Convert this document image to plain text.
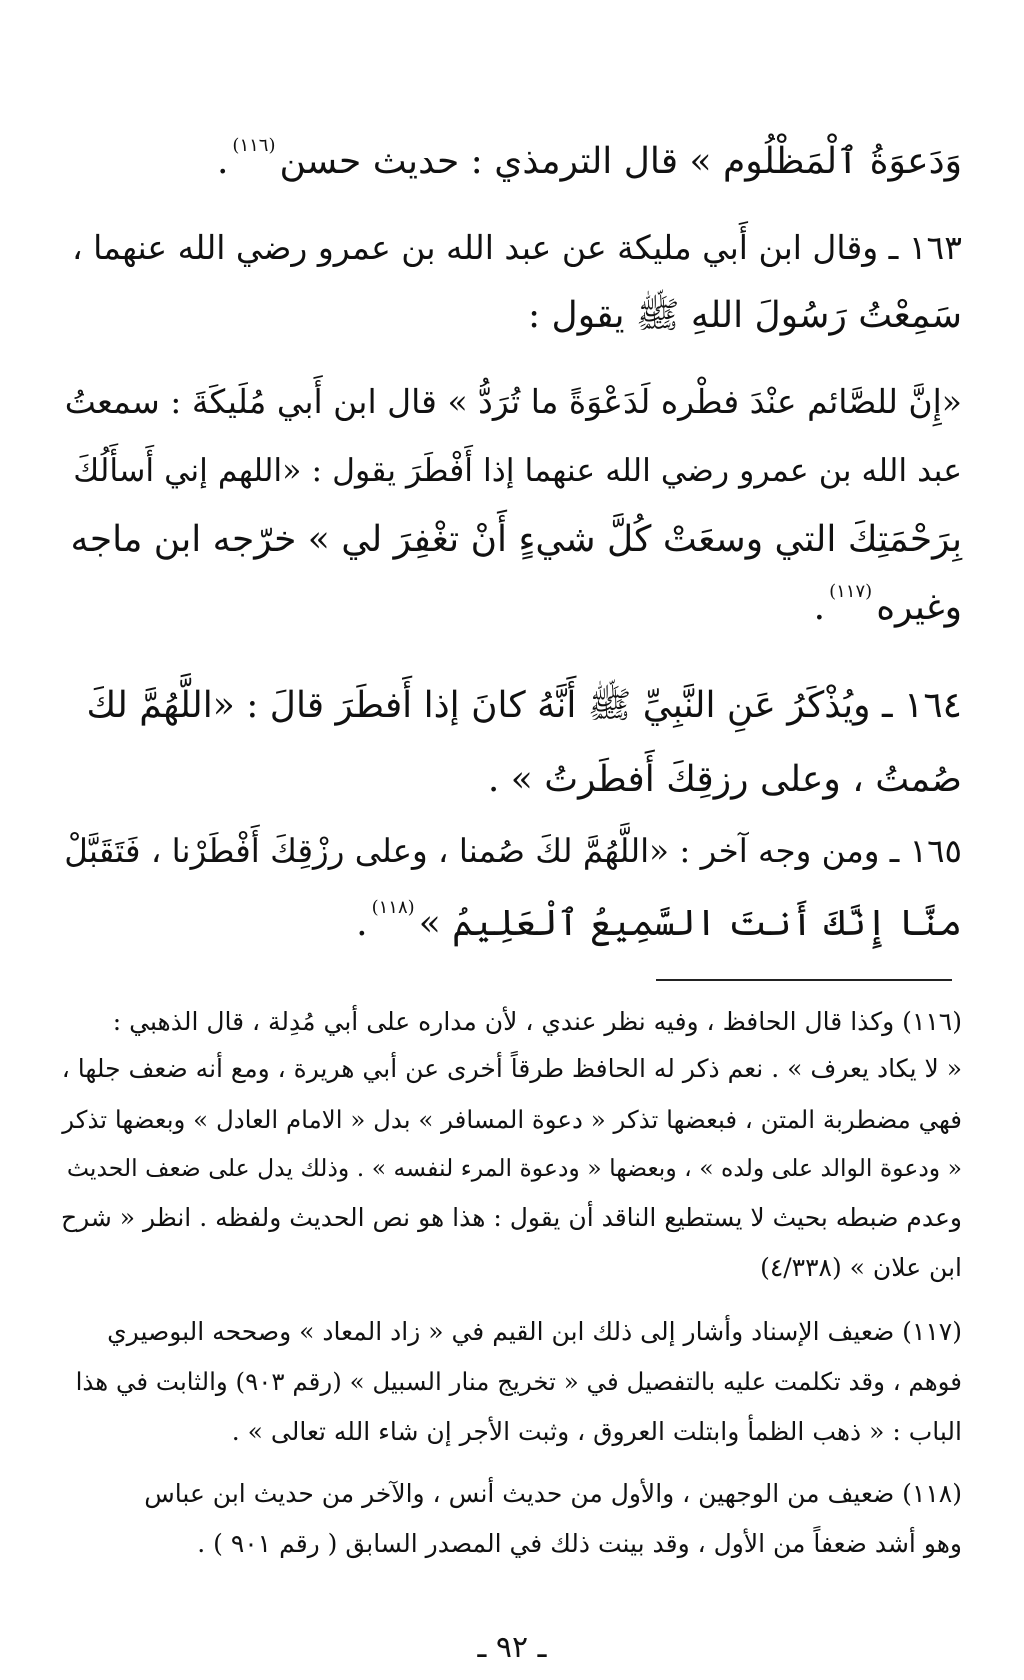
وَدَعوَةُ ٱلْمَظْلُوم » قال الترمذي : حديث حسن$^{(١١٦)}$.
١٦٣ ـ وقال ابن أَبي مليكة عن عبد الله بن عمرو رضي الله عنهما ،
سَمِعْتُ رَسُولَ اللهِ ﷺ يقول :
«إِنَّ للصَّائم عنْدَ فطْره لَدَعْوَةً ما تُرَدُّ » قال ابن أَبي مُلَيكَةَ : سمعتُ
عبد الله بن عمرو رضي الله عنهما إذا أَفْطَرَ يقول : «اللهم إني أَسأَلُكَ
بِرَحْمَتِكَ التي وسعَتْ كُلَّ شيءٍ أَنْ تغْفِرَ لي » خرّجه ابن ماجه
وغيره$^{(١١٧)}$.
١٦٤ ـ ويُذْكَرُ عَنِ النَّبِيِّ ﷺ أَنَّهُ كانَ إذا أَفطَرَ قالَ : «اللَّهُمَّ لكَ
صُمتُ ، وعلى رزقِكَ أَفطَرتُ » .
١٦٥ ـ ومن وجه آخر : «اللَّهُمَّ لكَ صُمنا ، وعلى رزْقِكَ أَفْطَرْنا ، فَتَقَبَّلْ
منَّا إِنَّكَ أَنتَ السَّمِيعُ ٱلْعَلِيمُ »$^{(١١٨)}$.
(١١٦) وكذا قال الحافظ ، وفيه نظر عندي ، لأن مداره على أبي مُدِلة ، قال الذهبي :
« لا يكاد يعرف » . نعم ذكر له الحافظ طرقاً أخرى عن أبي هريرة ، ومع أنه ضعف جلها ،
فهي مضطربة المتن ، فبعضها تذكر « دعوة المسافر » بدل « الامام العادل » وبعضها تذكر
« ودعوة الوالد على ولده » ، وبعضها « ودعوة المرء لنفسه » . وذلك يدل على ضعف الحديث
وعدم ضبطه بحيث لا يستطيع الناقد أن يقول : هذا هو نص الحديث ولفظه . انظر « شرح
ابن علان » (٤/٣٣٨)
(١١٧) ضعيف الإسناد وأشار إلى ذلك ابن القيم في « زاد المعاد » وصححه البوصيري
فوهم ، وقد تكلمت عليه بالتفصيل في « تخريج منار السبيل » (رقم ٩٠٣) والثابت في هذا
الباب : « ذهب الظمأ وابتلت العروق ، وثبت الأجر إن شاء الله تعالى » .
(١١٨) ضعيف من الوجهين ، والأول من حديث أنس ، والآخر من حديث ابن عباس
وهو أشد ضعفاً من الأول ، وقد بينت ذلك في المصدر السابق ( رقم ٩٠١ ) .
ـ ٩٢ ـ
